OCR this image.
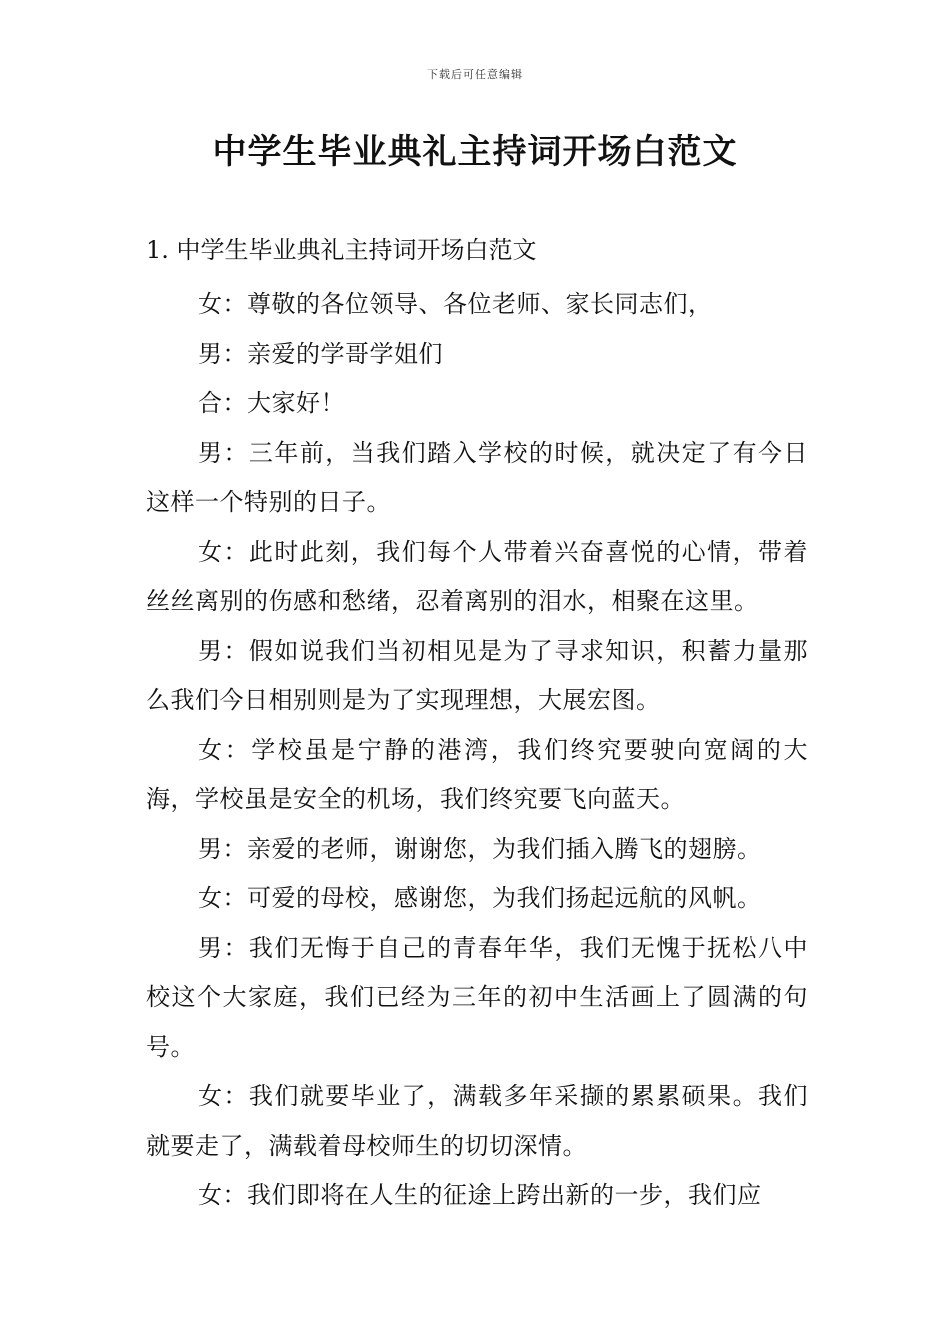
下载后可任意编辑
中学生毕业典礼主持词开场白范文

1. 中学生毕业典礼主持词开场白范文

女：尊敬的各位领导、各位老师、家长同志们，

男：亲爱的学哥学姐们

合：大家好！

男：三年前，当我们踏入学校的时候，就决定了有今日这样一个特别的日子。

女：此时此刻，我们每个人带着兴奋喜悦的心情，带着丝丝离别的伤感和愁绪，忍着离别的泪水，相聚在这里。

男：假如说我们当初相见是为了寻求知识，积蓄力量那么我们今日相别则是为了实现理想，大展宏图。

女：学校虽是宁静的港湾，我们终究要驶向宽阔的大海，学校虽是安全的机场，我们终究要飞向蓝天。

男：亲爱的老师，谢谢您，为我们插入腾飞的翅膀。

女：可爱的母校，感谢您，为我们扬起远航的风帆。

男：我们无悔于自己的青春年华，我们无愧于抚松八中校这个大家庭，我们已经为三年的初中生活画上了圆满的句号。

女：我们就要毕业了，满载多年采撷的累累硕果。我们就要走了，满载着母校师生的切切深情。

女：我们即将在人生的征途上跨出新的一步，我们应
